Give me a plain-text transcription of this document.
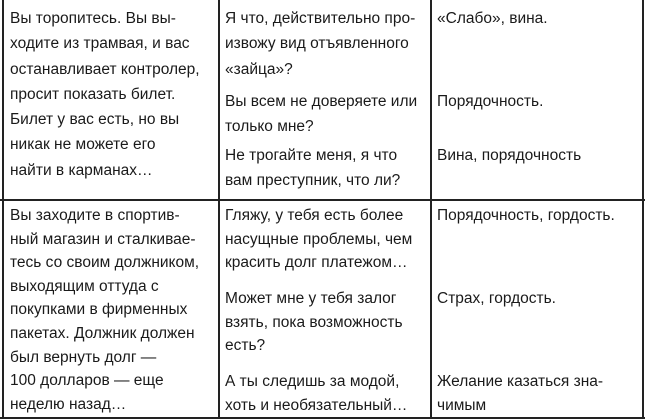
Вы торопитесь. Вы вы-
ходите из трамвая, и вас
останавливает контролер,
просит показать билет.
Билет у вас есть, но вы
никак не можете его
найти в карманах…
Я что, действительно про-
извожу вид отъявленного
«зайца»?
Вы всем не доверяете или
только мне?
Не трогайте меня, я что
вам преступник, что ли?
«Слабо», вина.
Порядочность.
Вина, порядочность
Вы заходите в спортив-
ный магазин и сталкивае-
тесь со своим должником,
выходящим оттуда с
покупками в фирменных
пакетах. Должник должен
был вернуть долг —
100 долларов — еще
неделю назад…
Гляжу, у тебя есть более
насущные проблемы, чем
красить долг платежом…
Может мне у тебя залог
взять, пока возможность
есть?
А ты следишь за модой,
хоть и необязательный…
Порядочность, гордость.
Страх, гордость.
Желание казаться зна-
чимым
